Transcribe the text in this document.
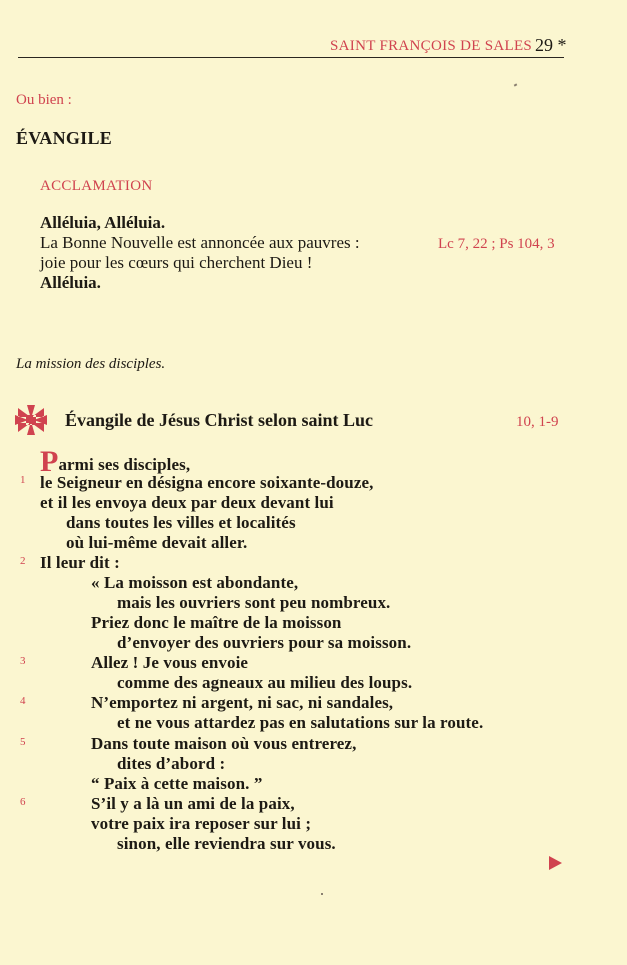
SAINT FRANÇOIS DE SALES 29 *
Ou bien :
ÉVANGILE
ACCLAMATION
Alléluia, Alléluia.
La Bonne Nouvelle est annoncée aux pauvres :
joie pour les cœurs qui cherchent Dieu !
Alléluia.
Lc 7, 22 ; Ps 104, 3
La mission des disciples.
Évangile de Jésus Christ selon saint Luc	10, 1-9
1
2
3
4
5
6
Parmi ses disciples,
le Seigneur en désigna encore soixante-douze,
et il les envoya deux par deux devant lui
dans toutes les villes et localités
où lui-même devait aller.
Il leur dit :
« La moisson est abondante,
mais les ouvriers sont peu nombreux.
Priez donc le maître de la moisson
d’envoyer des ouvriers pour sa moisson.
Allez ! Je vous envoie
comme des agneaux au milieu des loups.
N’emportez ni argent, ni sac, ni sandales,
et ne vous attardez pas en salutations sur la route.
Dans toute maison où vous entrerez,
dites d’abord :
“ Paix à cette maison. ”
S’il y a là un ami de la paix,
votre paix ira reposer sur lui ;
sinon, elle reviendra sur vous.
